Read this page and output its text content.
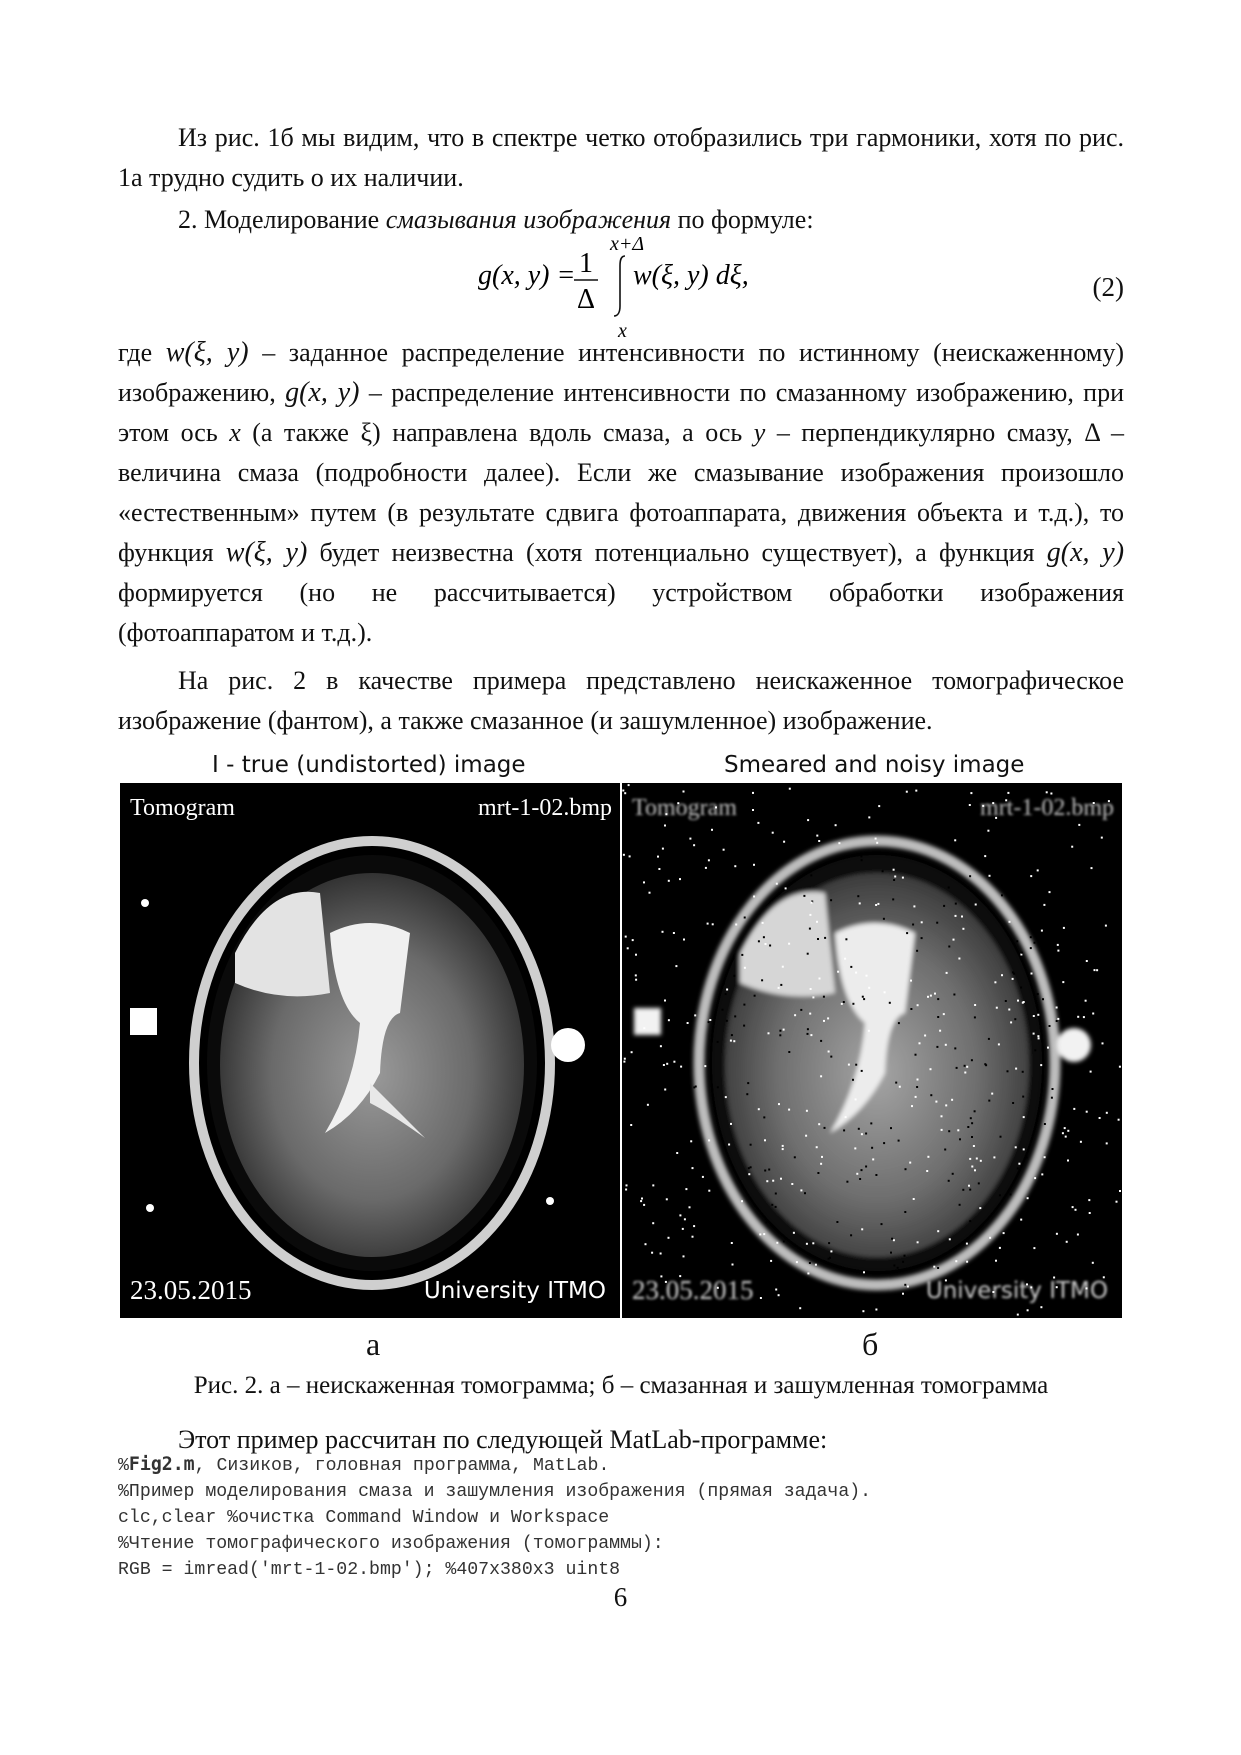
Из рис. 1б мы видим, что в спектре четко отобразились три гармоники, хотя по рис. 1а трудно судить о их наличии.

2. Моделирование смазывания изображения по формуле:

g(x, y) = 1
Δ
x+Δ
x
w(ξ, y) dξ,	(2)

где w(ξ, y) – заданное распределение интенсивности по истинному (неискаженному) изображению, g(x, y) – распределение интенсивности по смазанному изображению, при этом ось x (а также ξ) направлена вдоль смаза, а ось y – перпендикулярно смазу, Δ – величина смаза (подробности далее). Если же смазывание изображения произошло «естественным» путем (в результате сдвига фотоаппарата, движения объекта и т.д.), то функция w(ξ, y) будет неизвестна (хотя потенциально существует), а функция g(x, y) формируется (но не рассчитывается) устройством обработки изображения (фотоаппаратом и т.д.).

На рис. 2 в качестве примера представлено неискаженное томографическое изображение (фантом), а также смазанное (и зашумленное) изображение.

I - true (undistorted) image	Smeared and noisy image
Tomogram	mrt-1-02.bmp
23.05.2015	University ITMO
Tomogram	mrt-1-02.bmp
23.05.2015	University ITMO
а	б
Рис. 2. а – неискаженная томограмма; б – смазанная и зашумленная томограмма

Этот пример рассчитан по следующей MatLab-программе:

%Fig2.m, Сизиков, головная программа, MatLab.
%Пример моделирования смаза и зашумления изображения (прямая задача).
clc,clear %очистка Command Window и Workspace
%Чтение томографического изображения (томограммы):
RGB = imread('mrt-1-02.bmp'); %407x380x3 uint8
6
